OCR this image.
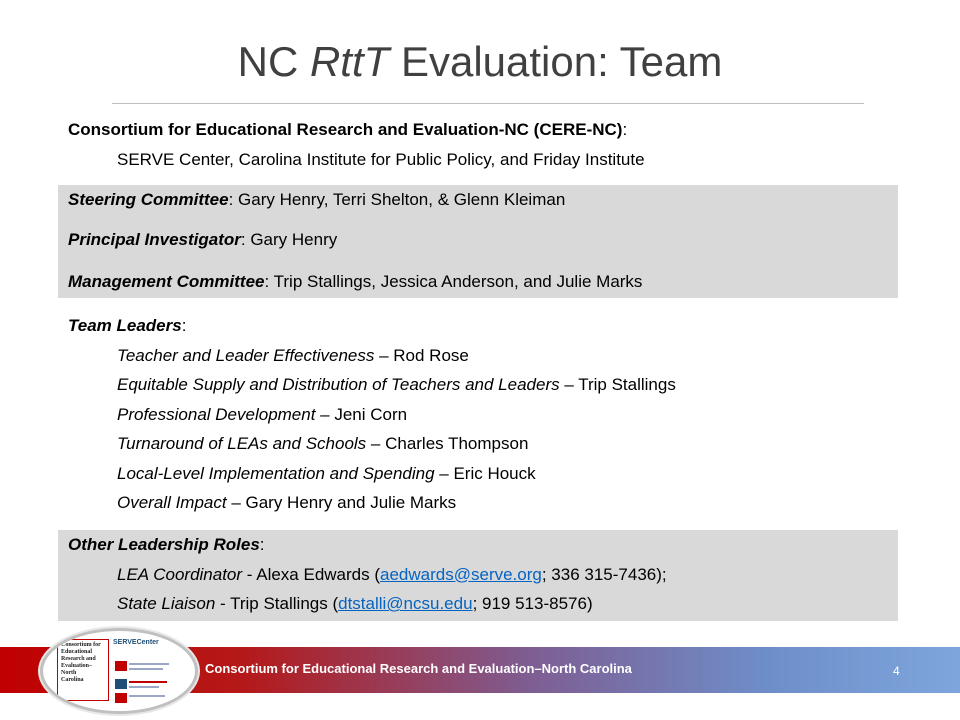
NC RttT Evaluation: Team
Consortium for Educational Research and Evaluation-NC (CERE-NC):
SERVE Center, Carolina Institute for Public Policy, and Friday Institute
Steering Committee: Gary Henry, Terri Shelton, & Glenn Kleiman
Principal Investigator: Gary Henry
Management Committee: Trip Stallings, Jessica Anderson, and Julie Marks
Team Leaders:
Teacher and Leader Effectiveness – Rod Rose
Equitable Supply and Distribution of Teachers and Leaders – Trip Stallings
Professional Development – Jeni Corn
Turnaround of LEAs and Schools – Charles Thompson
Local-Level Implementation and Spending – Eric Houck
Overall Impact – Gary Henry and Julie Marks
Other Leadership Roles:
LEA Coordinator - Alexa Edwards (aedwards@serve.org; 336 315-7436);
State Liaison - Trip Stallings (dtstalli@ncsu.edu; 919 513-8576)
Consortium for Educational Research and Evaluation–North Carolina	4
Consortium for
Educational
Research and
Evaluation–
North
Carolina
SERVECenter
